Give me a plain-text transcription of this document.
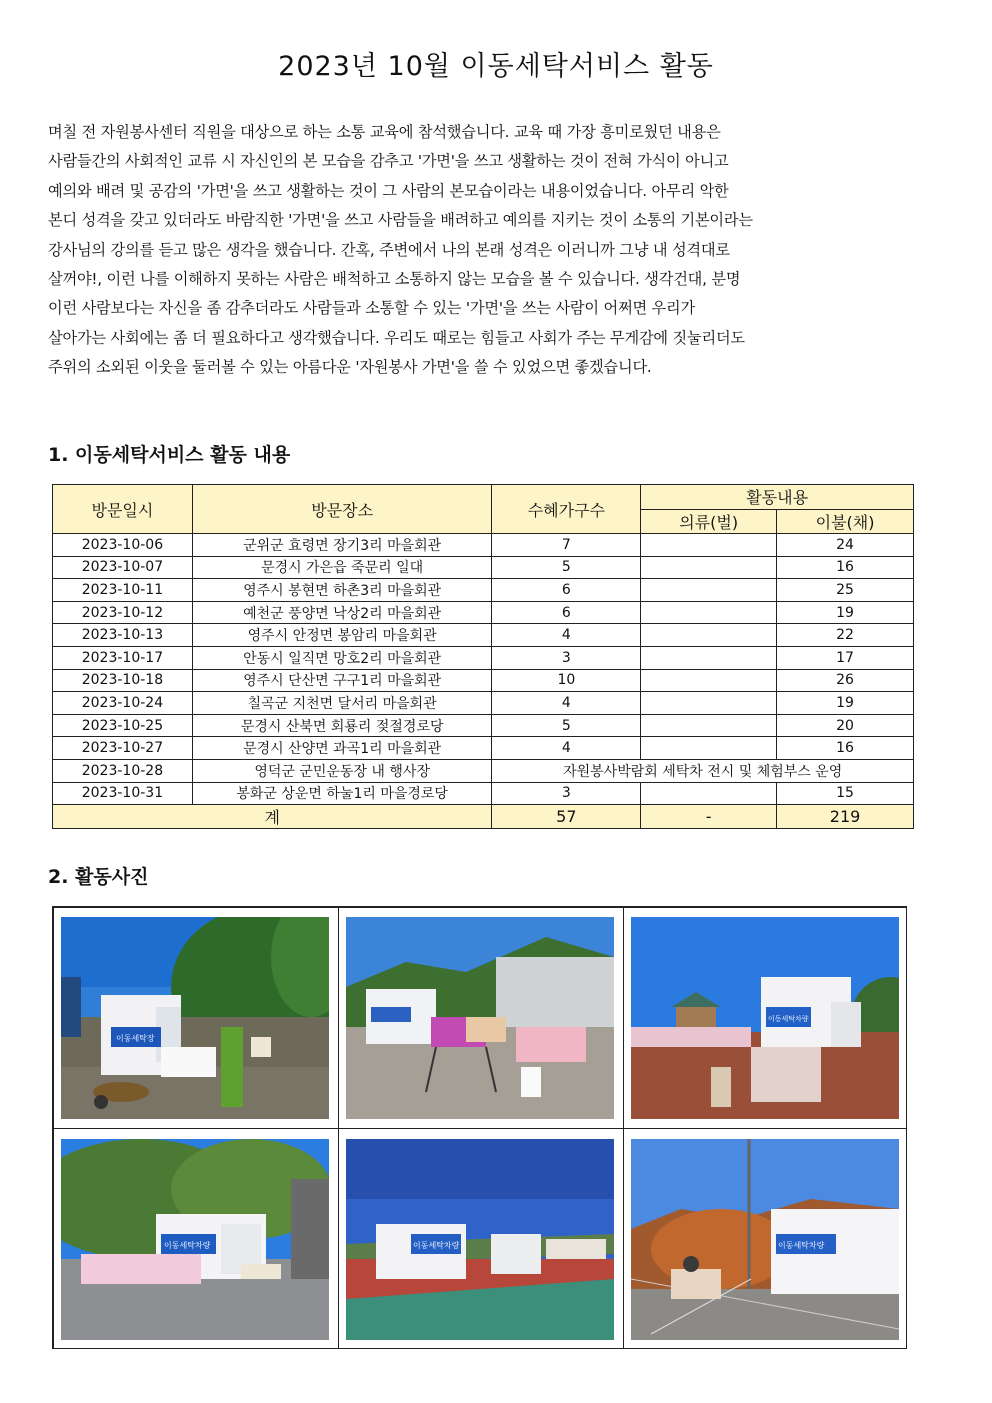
2023년 10월 이동세탁서비스 활동
며칠 전 자원봉사센터 직원을 대상으로 하는 소통 교육에 참석했습니다. 교육 때 가장 흥미로웠던 내용은
사람들간의 사회적인 교류 시 자신인의 본 모습을 감추고 '가면'을 쓰고 생활하는 것이 전혀 가식이 아니고
예의와 배려 및 공감의 '가면'을 쓰고 생활하는 것이 그 사람의 본모습이라는 내용이었습니다. 아무리 악한
본디 성격을 갖고 있더라도 바람직한 '가면'을 쓰고 사람들을 배려하고 예의를 지키는 것이 소통의 기본이라는
강사님의 강의를 듣고 많은 생각을 했습니다. 간혹, 주변에서 나의 본래 성격은 이러니까 그냥 내 성격대로
살꺼야!, 이런 나를 이해하지 못하는 사람은 배척하고 소통하지 않는 모습을 볼 수 있습니다. 생각건대, 분명
이런 사람보다는 자신을 좀 감추더라도 사람들과 소통할 수 있는 '가면'을 쓰는 사람이 어쩌면 우리가
살아가는 사회에는 좀 더 필요하다고 생각했습니다. 우리도 때로는 힘들고 사회가 주는 무게감에 짓눌리더도
주위의 소외된 이웃을 둘러볼 수 있는 아름다운 '자원봉사 가면'을 쓸 수 있었으면 좋겠습니다.
1. 이동세탁서비스 활동 내용
방문일시	방문장소	수혜가구수	활동내용	
			의류(벌)	이불(채)
2023-10-06	군위군 효령면 장기3리 마을회관	7		24
2023-10-07	문경시 가은읍 죽문리 일대	5		16
2023-10-11	영주시 봉현면 하촌3리 마을회관	6		25
2023-10-12	예천군 풍양면 낙상2리 마을회관	6		19
2023-10-13	영주시 안정면 봉암리 마을회관	4		22
2023-10-17	안동시 일직면 망호2리 마을회관	3		17
2023-10-18	영주시 단산면 구구1리 마을회관	10		26
2023-10-24	칠곡군 지천면 달서리 마을회관	4		19
2023-10-25	문경시 산북면 회룡리 젖절경로당	5		20
2023-10-27	문경시 산양면 과곡1리 마을회관	4		16
2023-10-28	영덕군 군민운동장 내 행사장	자원봉사박람회 세탁차 전시 및 체험부스 운영		
2023-10-31	봉화군 상운면 하눌1리 마을경로당	3		15
계		57	-	219
2. 활동사진
이동세탁장
이동세탁차량
이동세탁차량	이동세탁차량	이동세탁차량
